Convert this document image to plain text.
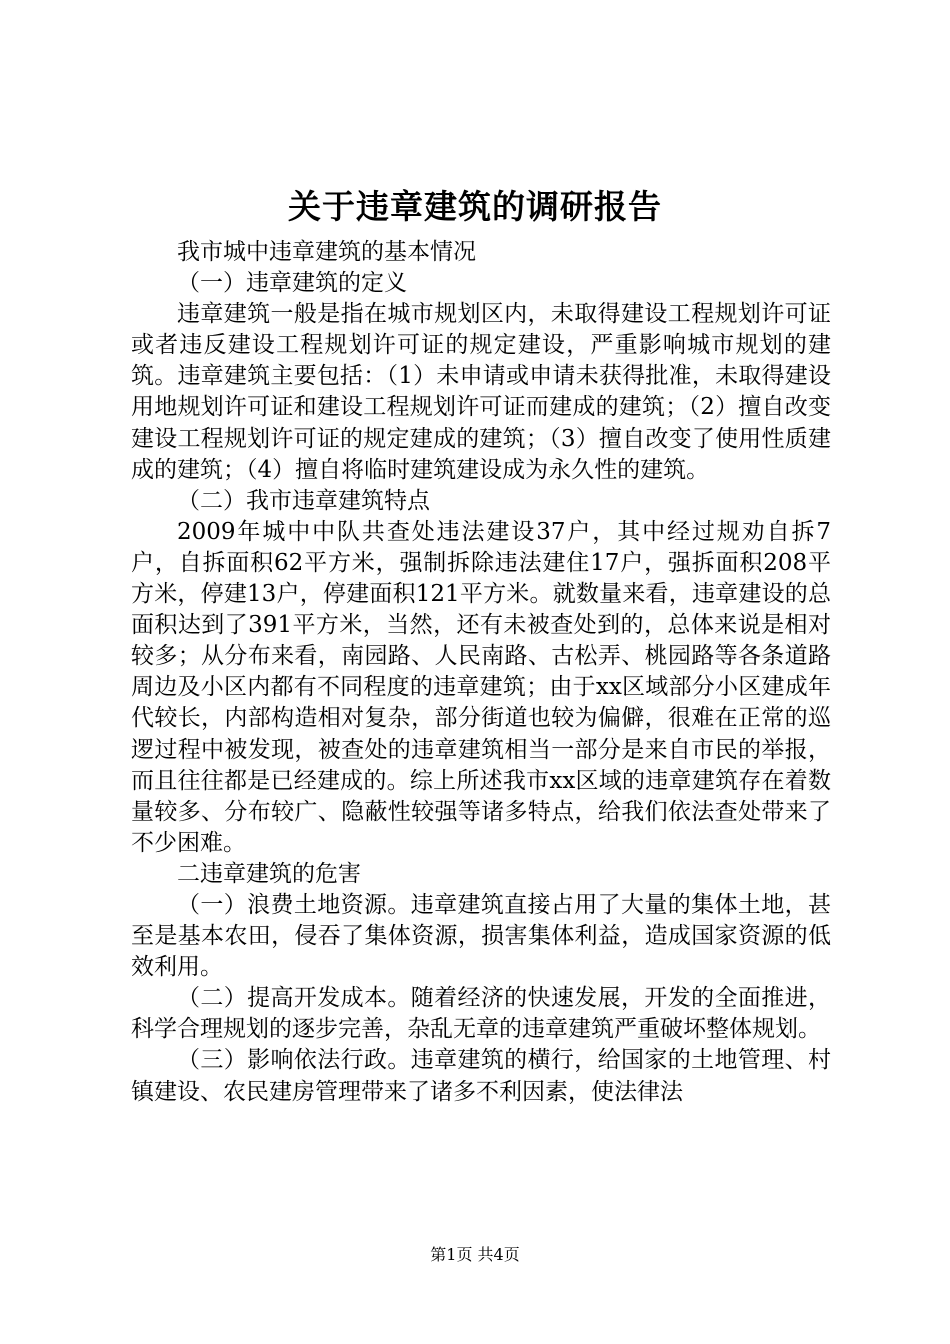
关于违章建筑的调研报告

我市城中违章建筑的基本情况

（一）违章建筑的定义

违章建筑一般是指在城市规划区内，未取得建设工程规划许可证或者违反建设工程规划许可证的规定建设，严重影响城市规划的建筑。违章建筑主要包括：（1）未申请或申请未获得批准，未取得建设用地规划许可证和建设工程规划许可证而建成的建筑；（2）擅自改变建设工程规划许可证的规定建成的建筑；（3）擅自改变了使用性质建成的建筑；（4）擅自将临时建筑建设成为永久性的建筑。

（二）我市违章建筑特点

2009年城中中队共查处违法建设37户，其中经过规劝自拆7户，自拆面积62平方米，强制拆除违法建住17户，强拆面积208平方米，停建13户，停建面积121平方米。就数量来看，违章建设的总面积达到了391平方米，当然，还有未被查处到的，总体来说是相对较多；从分布来看，南园路、人民南路、古松弄、桃园路等各条道路周边及小区内都有不同程度的违章建筑；由于xx区域部分小区建成年代较长，内部构造相对复杂，部分街道也较为偏僻，很难在正常的巡逻过程中被发现，被查处的违章建筑相当一部分是来自市民的举报，而且往往都是已经建成的。综上所述我市xx区域的违章建筑存在着数量较多、分布较广、隐蔽性较强等诸多特点，给我们依法查处带来了不少困难。

二违章建筑的危害

（一）浪费土地资源。违章建筑直接占用了大量的集体土地，甚至是基本农田，侵吞了集体资源，损害集体利益，造成国家资源的低效利用。

（二）提高开发成本。随着经济的快速发展，开发的全面推进，科学合理规划的逐步完善，杂乱无章的违章建筑严重破坏整体规划。

（三）影响依法行政。违章建筑的横行，给国家的土地管理、村镇建设、农民建房管理带来了诸多不利因素，使法律法

第1页 共4页
